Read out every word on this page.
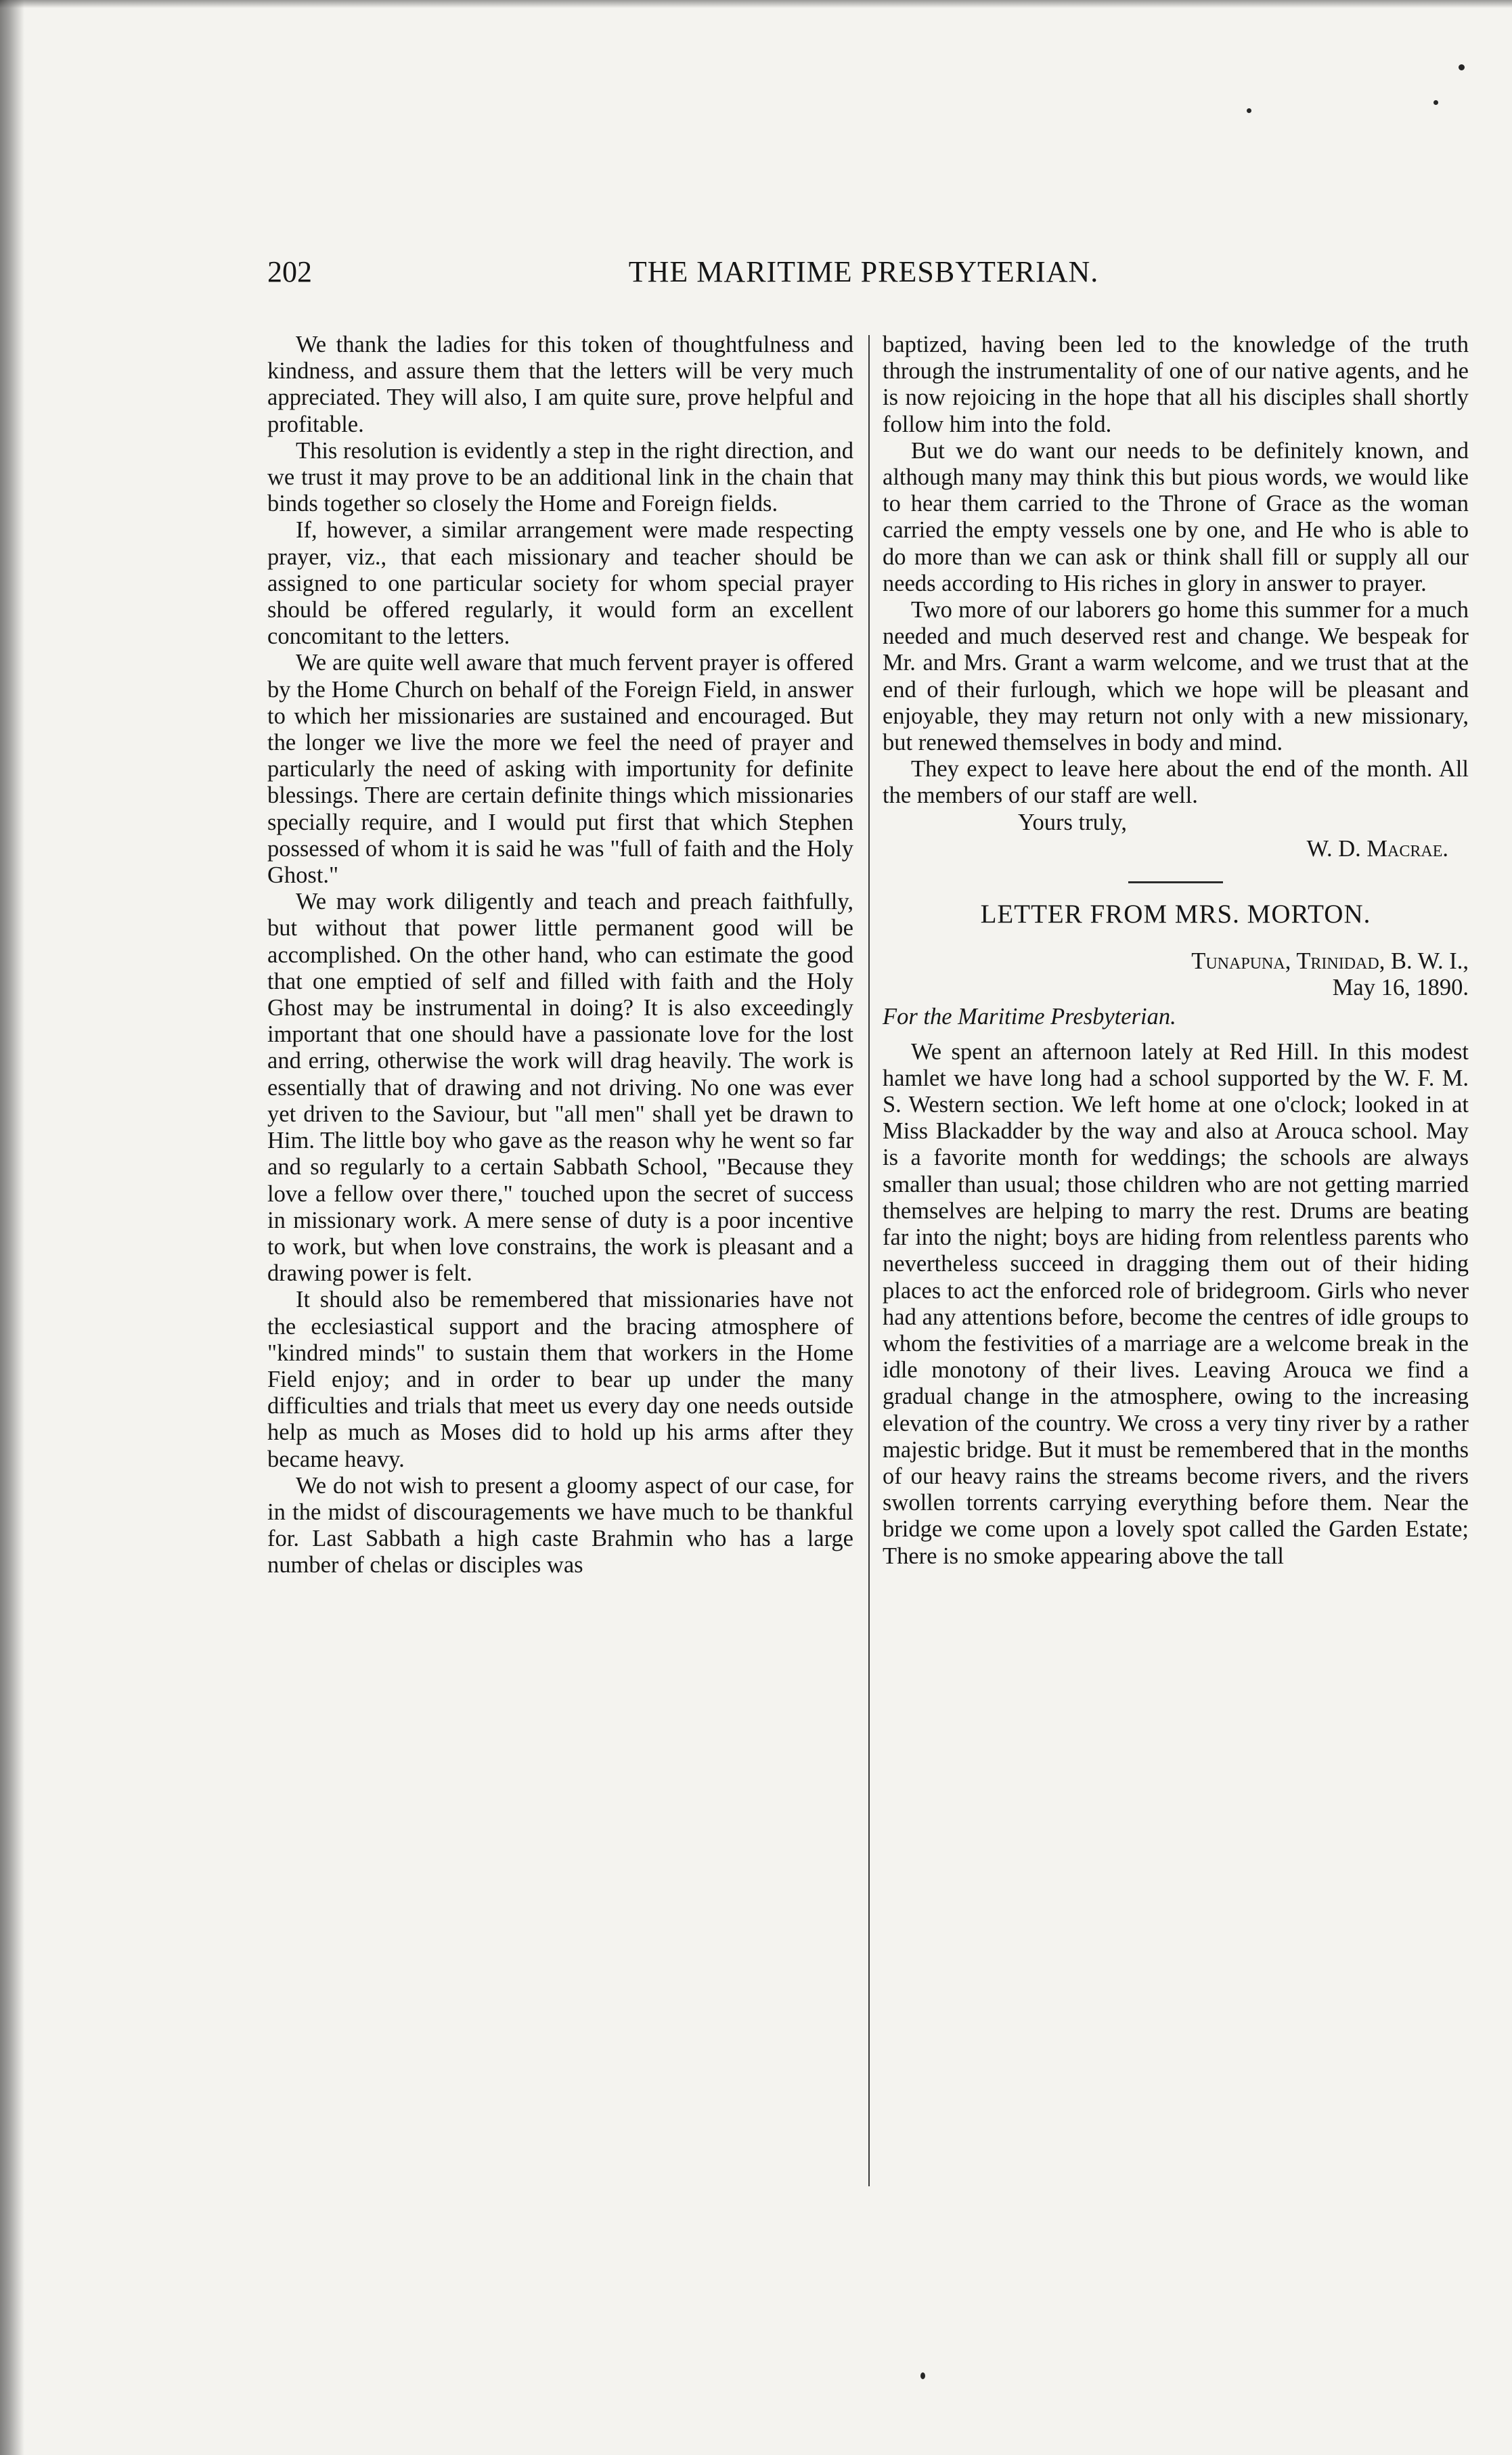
202	THE MARITIME PRESBYTERIAN.

We thank the ladies for this token of thoughtfulness and kindness, and assure them that the letters will be very much appreciated. They will also, I am quite sure, prove helpful and profitable.

This resolution is evidently a step in the right direction, and we trust it may prove to be an additional link in the chain that binds together so closely the Home and Foreign fields.

If, however, a similar arrangement were made respecting prayer, viz., that each missionary and teacher should be assigned to one particular society for whom special prayer should be offered regularly, it would form an excellent concomitant to the letters.

We are quite well aware that much fervent prayer is offered by the Home Church on behalf of the Foreign Field, in answer to which her missionaries are sustained and encouraged. But the longer we live the more we feel the need of prayer and particularly the need of asking with importunity for definite blessings. There are certain definite things which missionaries specially require, and I would put first that which Stephen possessed of whom it is said he was "full of faith and the Holy Ghost."

We may work diligently and teach and preach faithfully, but without that power little permanent good will be accomplished. On the other hand, who can estimate the good that one emptied of self and filled with faith and the Holy Ghost may be instrumental in doing? It is also exceedingly important that one should have a passionate love for the lost and erring, otherwise the work will drag heavily. The work is essentially that of drawing and not driving. No one was ever yet driven to the Saviour, but "all men" shall yet be drawn to Him. The little boy who gave as the reason why he went so far and so regularly to a certain Sabbath School, "Because they love a fellow over there," touched upon the secret of success in missionary work. A mere sense of duty is a poor incentive to work, but when love constrains, the work is pleasant and a drawing power is felt.

It should also be remembered that missionaries have not the ecclesiastical support and the bracing atmosphere of "kindred minds" to sustain them that workers in the Home Field enjoy; and in order to bear up under the many difficulties and trials that meet us every day one needs outside help as much as Moses did to hold up his arms after they became heavy.

We do not wish to present a gloomy aspect of our case, for in the midst of discouragements we have much to be thankful for. Last Sabbath a high caste Brahmin who has a large number of chelas or disciples was

baptized, having been led to the knowledge of the truth through the instrumentality of one of our native agents, and he is now rejoicing in the hope that all his disciples shall shortly follow him into the fold.

But we do want our needs to be definitely known, and although many may think this but pious words, we would like to hear them carried to the Throne of Grace as the woman carried the empty vessels one by one, and He who is able to do more than we can ask or think shall fill or supply all our needs according to His riches in glory in answer to prayer.

Two more of our laborers go home this summer for a much needed and much deserved rest and change. We bespeak for Mr. and Mrs. Grant a warm welcome, and we trust that at the end of their furlough, which we hope will be pleasant and enjoyable, they may return not only with a new missionary, but renewed themselves in body and mind.

They expect to leave here about the end of the month. All the members of our staff are well.

Yours truly,

W. D. Macrae.

LETTER FROM MRS. MORTON.

Tunapuna, Trinidad, B. W. I.,

May 16, 1890.

For the Maritime Presbyterian.

We spent an afternoon lately at Red Hill. In this modest hamlet we have long had a school supported by the W. F. M. S. Western section. We left home at one o'clock; looked in at Miss Blackadder by the way and also at Arouca school. May is a favorite month for weddings; the schools are always smaller than usual; those children who are not getting married themselves are helping to marry the rest. Drums are beating far into the night; boys are hiding from relentless parents who nevertheless succeed in dragging them out of their hiding places to act the enforced role of bridegroom. Girls who never had any attentions before, become the centres of idle groups to whom the festivities of a marriage are a welcome break in the idle monotony of their lives. Leaving Arouca we find a gradual change in the atmosphere, owing to the increasing elevation of the country. We cross a very tiny river by a rather majestic bridge. But it must be remembered that in the months of our heavy rains the streams become rivers, and the rivers swollen torrents carrying everything before them. Near the bridge we come upon a lovely spot called the Garden Estate; There is no smoke appearing above the tall
